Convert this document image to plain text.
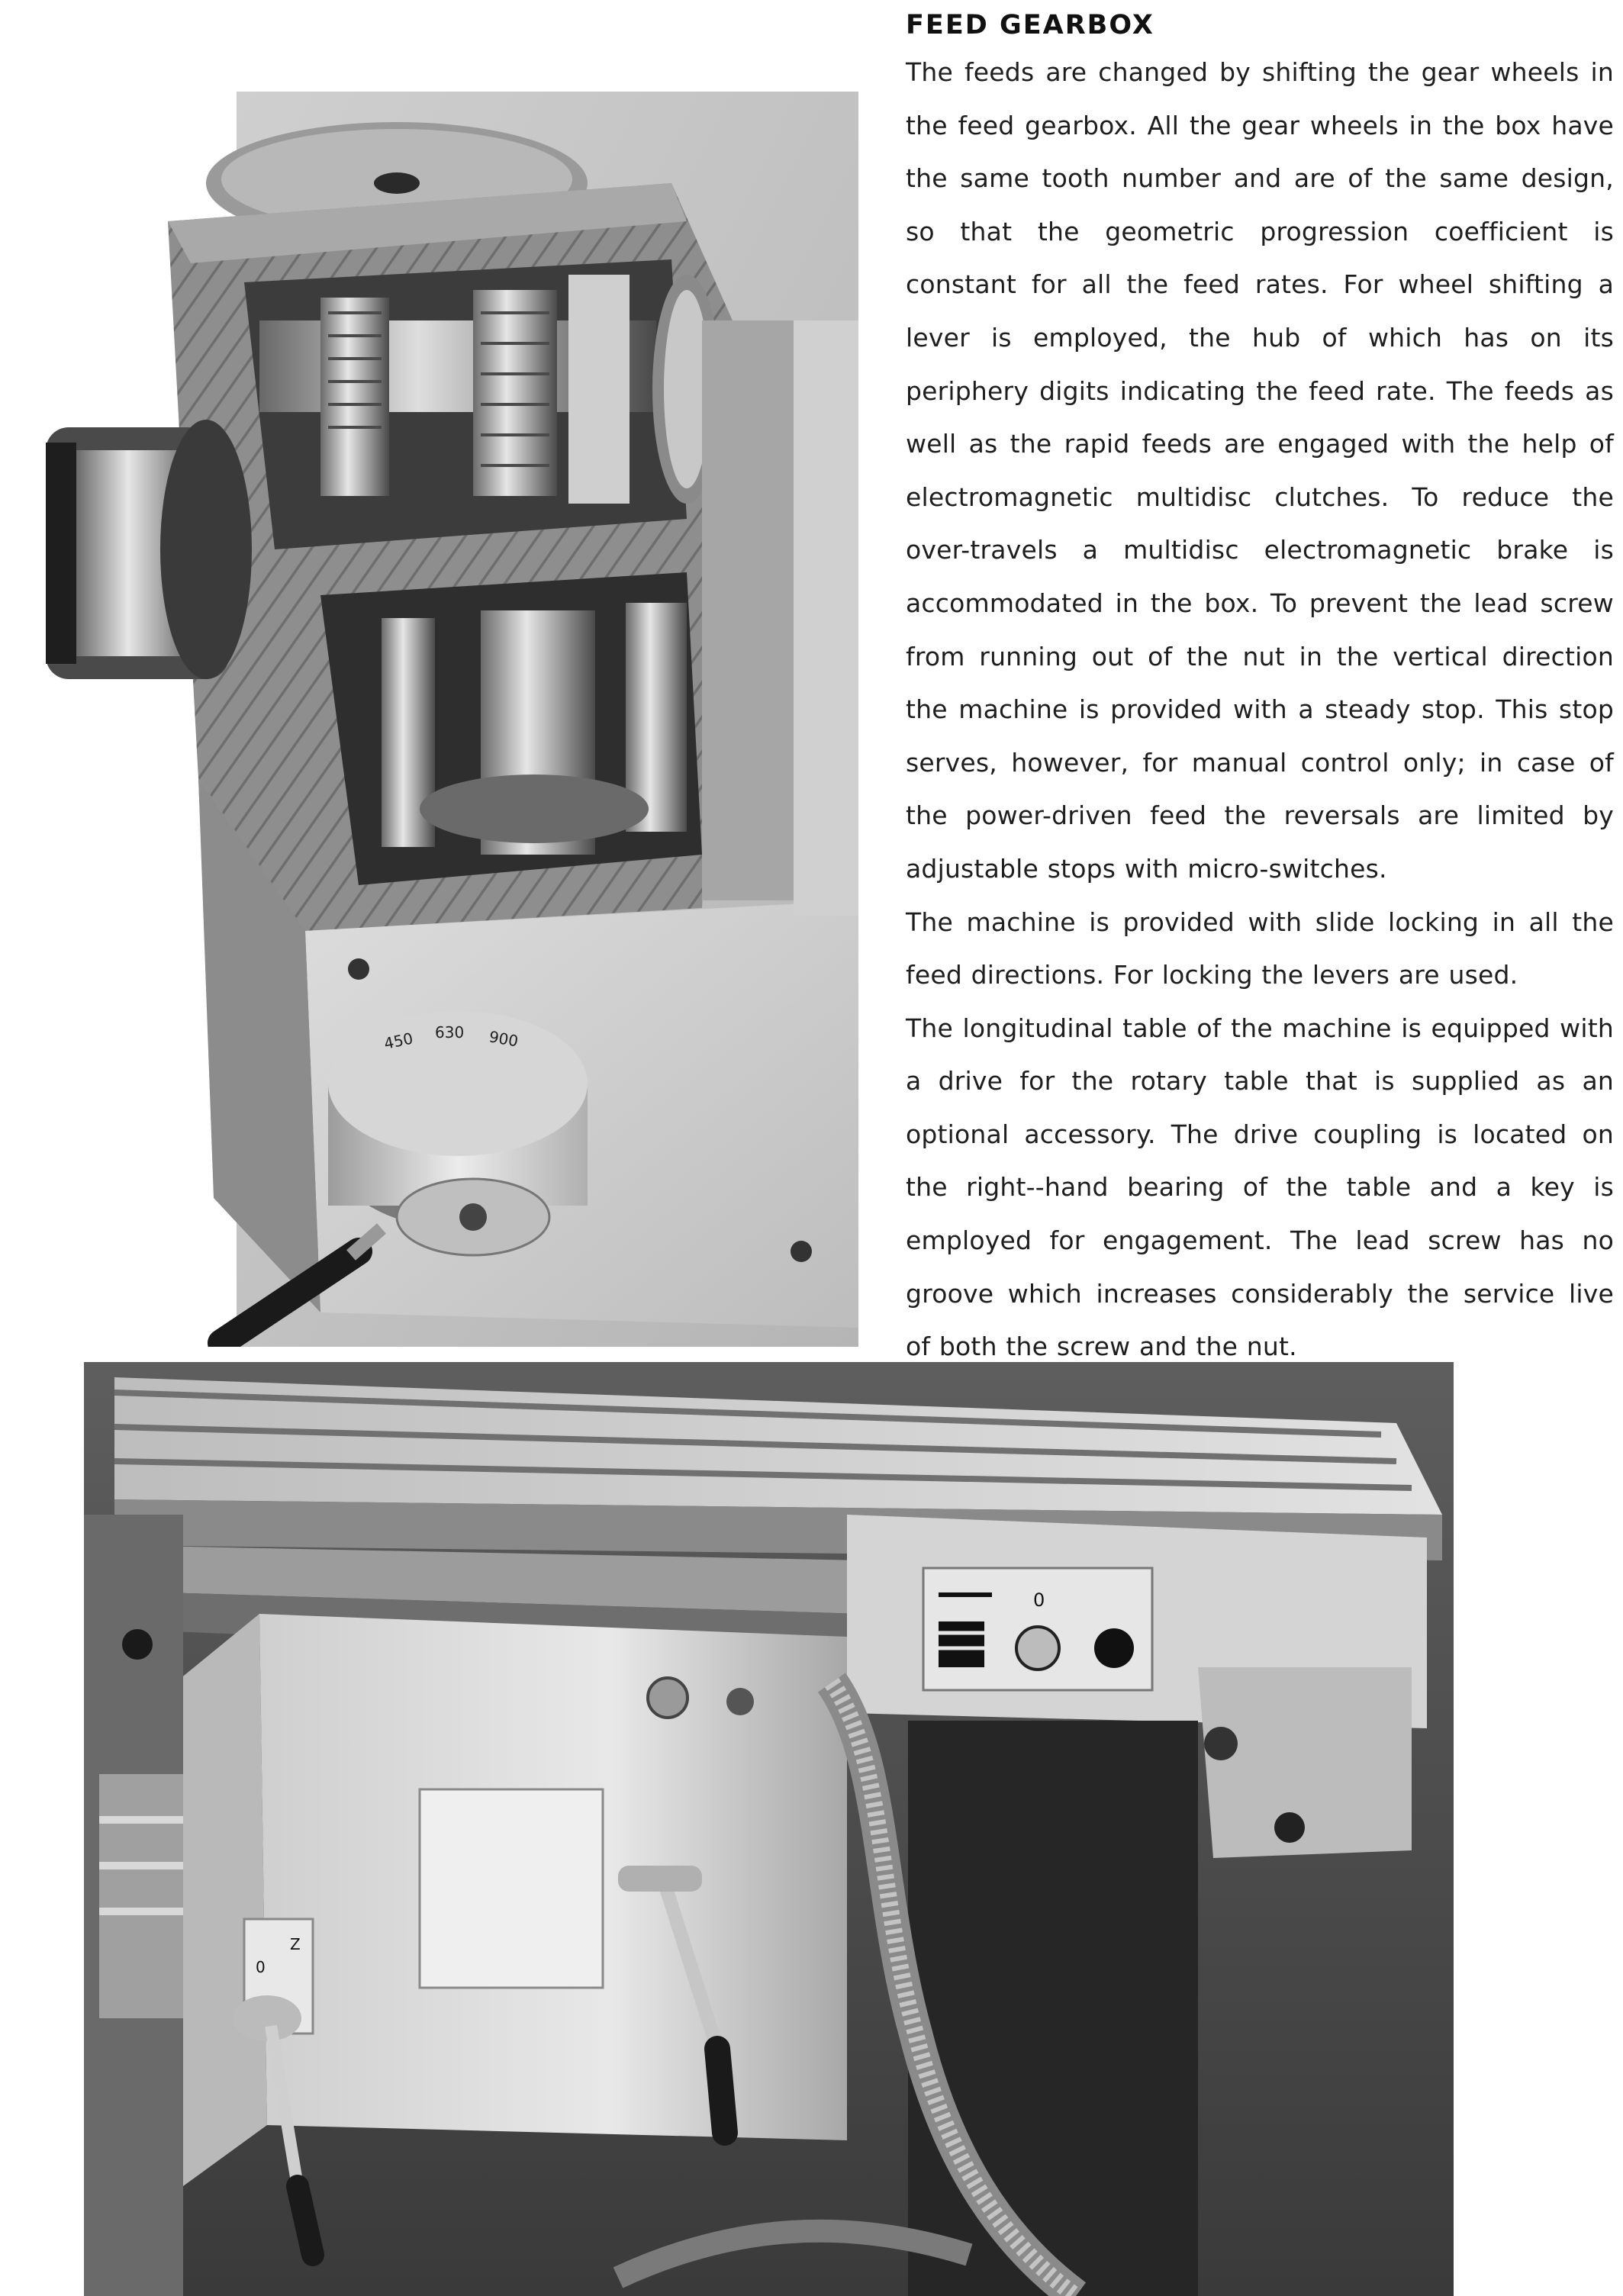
450 630 900
FEED GEARBOX

The feeds are changed by shifting the gear wheels in the feed gearbox. All the gear wheels in the box have the same tooth number and are of the same design, so that the geometric progression coefficient is constant for all the feed rates. For wheel shifting a lever is employed, the hub of which has on its periphery digits indicating the feed rate. The feeds as well as the rapid feeds are engaged with the help of electromagnetic multidisc clutches. To reduce the over-travels a multidisc electromagnetic brake is accommodated in the box. To prevent the lead screw from running out of the nut in the vertical direction the machine is provided with a steady stop. This stop serves, however, for manual control only; in case of the power-driven feed the reversals are limited by adjustable stops with micro-switches.

The machine is provided with slide locking in all the feed directions. For locking the levers are used.

The longitudinal table of the machine is equipped with a drive for the rotary table that is supplied as an optional accessory. The drive coupling is located on the right--hand bearing of the table and a key is employed for engagement. The lead screw has no groove which increases considerably the service live of both the screw and the nut.

0
Z
0
